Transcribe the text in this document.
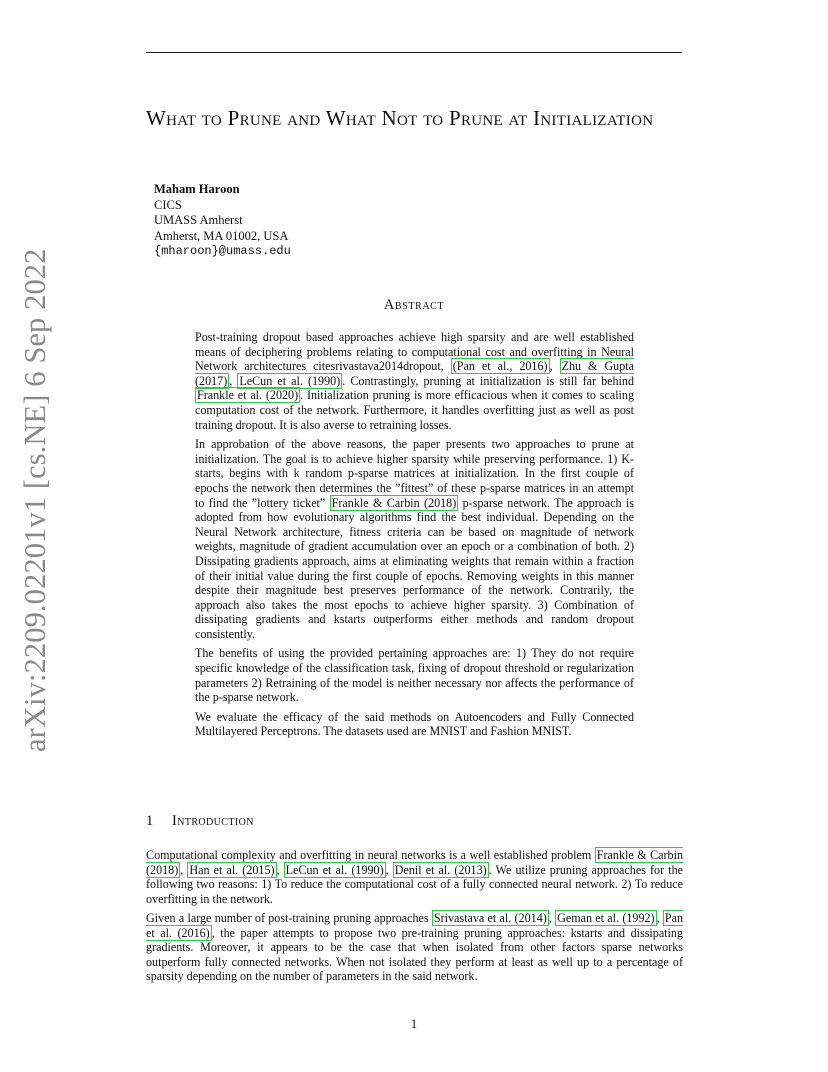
arXiv:2209.02201v1 [cs.NE] 6 Sep 2022
What to Prune and What Not to Prune at Initialization
Maham Haroon
CICS
UMASS Amherst
Amherst, MA 01002, USA
{mharoon}@umass.edu
Abstract

Post-training dropout based approaches achieve high sparsity and are well established means of deciphering problems relating to computational cost and overfitting in Neural Network architectures citesrivastava2014dropout, (Pan et al., 2016) , Zhu & Gupta (2017) , LeCun et al. (1990) . Contrastingly, pruning at initialization is still far behind Frankle et al. (2020) . Initialization pruning is more efficacious when it comes to scaling computation cost of the network. Furthermore, it handles overfitting just as well as post training dropout. It is also averse to retraining losses.

In approbation of the above reasons, the paper presents two approaches to prune at initialization. The goal is to achieve higher sparsity while preserving performance. 1) K-starts, begins with k random p-sparse matrices at initialization. In the first couple of epochs the network then determines the ”fittest” of these p-sparse matrices in an attempt to find the ”lottery ticket” Frankle & Carbin (2018) p-sparse network. The approach is adopted from how evolutionary algorithms find the best individual. Depending on the Neural Network architecture, fitness criteria can be based on magnitude of network weights, magnitude of gradient accumulation over an epoch or a combination of both. 2) Dissipating gradients approach, aims at eliminating weights that remain within a fraction of their initial value during the first couple of epochs. Removing weights in this manner despite their magnitude best preserves performance of the network. Contrarily, the approach also takes the most epochs to achieve higher sparsity. 3) Combination of dissipating gradients and kstarts outperforms either methods and random dropout consistently.

The benefits of using the provided pertaining approaches are: 1) They do not require specific knowledge of the classification task, fixing of dropout threshold or regularization parameters 2) Retraining of the model is neither necessary nor affects the performance of the p-sparse network.

We evaluate the efficacy of the said methods on Autoencoders and Fully Connected Multilayered Perceptrons. The datasets used are MNIST and Fashion MNIST.

1 Introduction

Computational complexity and overfitting in neural networks is a well established problem Frankle & Carbin (2018) , Han et al. (2015) , LeCun et al. (1990) , Denil et al. (2013) . We utilize pruning approaches for the following two reasons: 1) To reduce the computational cost of a fully connected neural network. 2) To reduce overfitting in the network.

Given a large number of post-training pruning approaches Srivastava et al. (2014) , Geman et al. (1992) , Pan et al. (2016) , the paper attempts to propose two pre-training pruning approaches: kstarts and dissipating gradients. Moreover, it appears to be the case that when isolated from other factors sparse networks outperform fully connected networks. When not isolated they perform at least as well up to a percentage of sparsity depending on the number of parameters in the said network.

1
